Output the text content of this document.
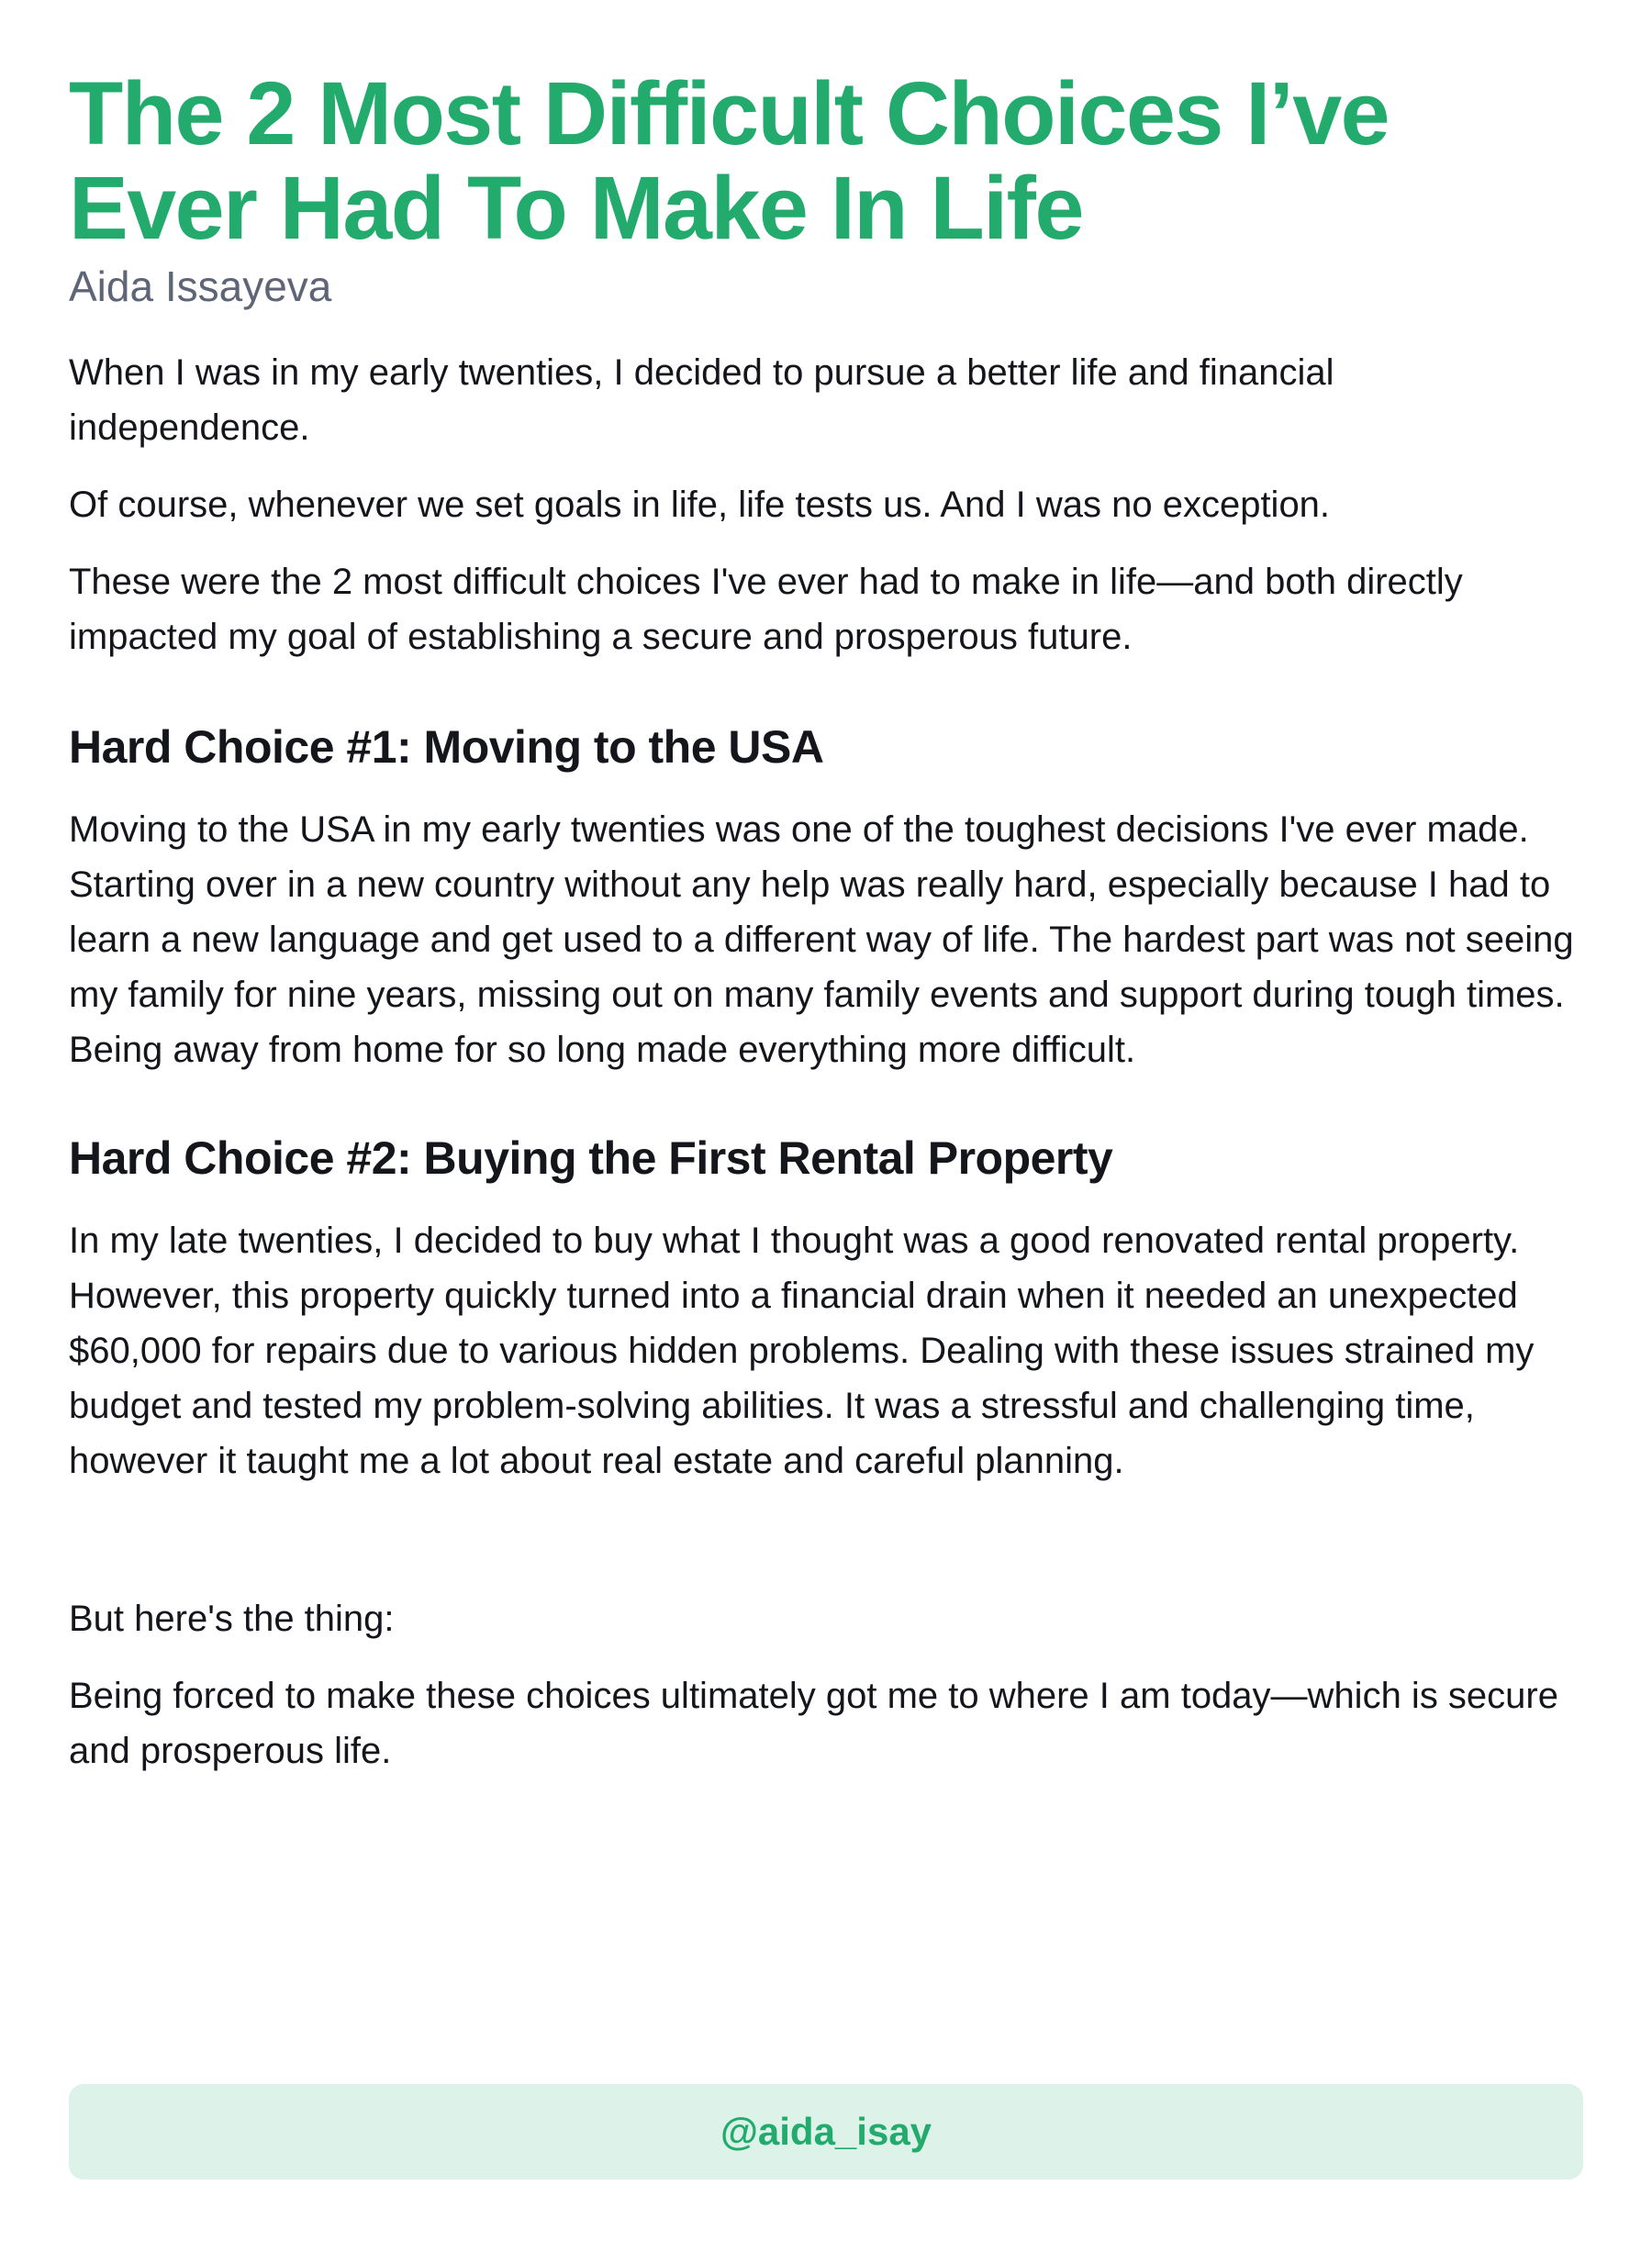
The 2 Most Difficult Choices I’ve Ever Had To Make In Life
Aida Issayeva

When I was in my early twenties, I decided to pursue a better life and financial independence.

Of course, whenever we set goals in life, life tests us. And I was no exception.

These were the 2 most difficult choices I've ever had to make in life—and both directly impacted my goal of establishing a secure and prosperous future.

Hard Choice #1: Moving to the USA

Moving to the USA in my early twenties was one of the toughest decisions I've ever made.

Starting over in a new country without any help was really hard, especially because I had to learn a new language and get used to a different way of life. The hardest part was not seeing my family for nine years, missing out on many family events and support during tough times. Being away from home for so long made everything more difficult.

Hard Choice #2: Buying the First Rental Property

In my late twenties, I decided to buy what I thought was a good renovated rental property.

However, this property quickly turned into a financial drain when it needed an unexpected $60,000 for repairs due to various hidden problems. Dealing with these issues strained my budget and tested my problem-solving abilities. It was a stressful and challenging time, however it taught me a lot about real estate and careful planning.

But here's the thing:

Being forced to make these choices ultimately got me to where I am today—which is secure and prosperous life.

@aida_isay
